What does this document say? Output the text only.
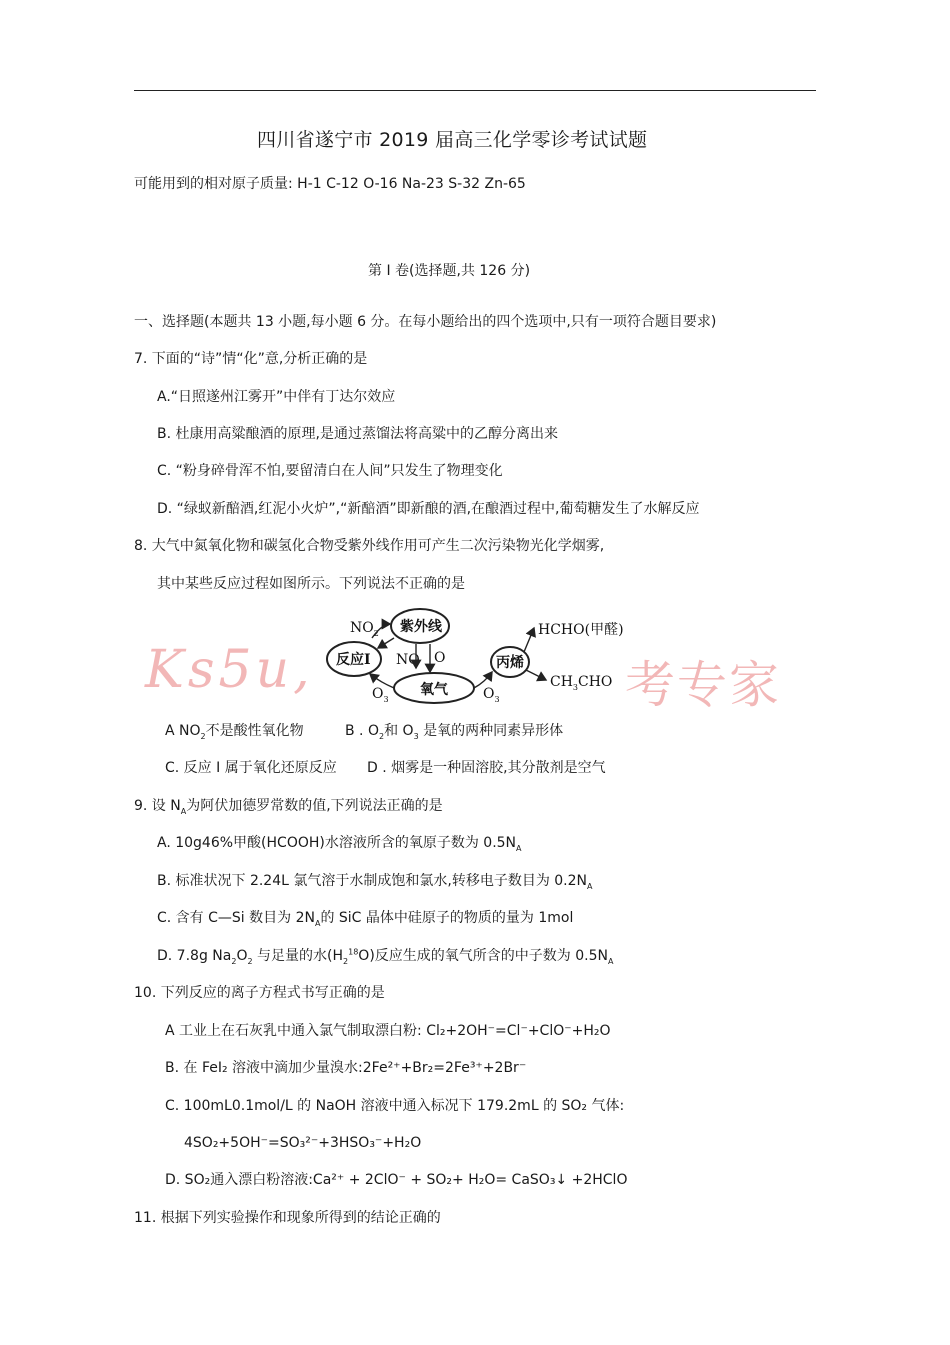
四川省遂宁市 2019 届高三化学零诊考试试题
可能用到的相对原子质量: H-1 C-12 O-16 Na-23 S-32 Zn-65
第 I 卷(选择题,共 126 分)
一、选择题(本题共 13 小题,每小题 6 分。在每小题给出的四个选项中,只有一项符合题目要求)
7. 下面的“诗”情“化”意,分析正确的是
A.“日照遂州江雾开”中伴有丁达尔效应
B. 杜康用高粱酿酒的原理,是通过蒸馏法将高粱中的乙醇分离出来
C. “粉身碎骨浑不怕,要留清白在人间”只发生了物理变化
D. “绿蚁新醅酒,红泥小火炉”,“新醅酒”即新酿的酒,在酿酒过程中,葡萄糖发生了水解反应
8. 大气中氮氧化物和碳氢化合物受紫外线作用可产生二次污染物光化学烟雾,
其中某些反应过程如图所示。下列说法不正确的是
Ks5u,	考专家
$NO_2$ 紫外线
反应I NO O
氧气
$O_3$	$O_3$
丙烯
HCHO(甲醛)
$CH_3CHO$
A $NO_2$不是酸性氧化物	B . $O_2$和 $O_3$ 是氧的两种同素异形体
C. 反应 I 属于氧化还原反应 D . 烟雾是一种固溶胶,其分散剂是空气
9. 设 $N_A$为阿伏加德罗常数的值,下列说法正确的是
A. 10g46%甲酸(HCOOH)水溶液所含的氧原子数为 $0.5N_A$
B. 标准状况下 2.24L 氯气溶于水制成饱和氯水,转移电子数目为 $0.2N_A$
C. 含有 C—Si 数目为 $2N_A$的 SiC 晶体中硅原子的物质的量为 1mol
D. 7.8g $Na_2O_2$ 与足量的水$(H_2^{18}O)$反应生成的氧气所含的中子数为 $0.5N_A$
10. 下列反应的离子方程式书写正确的是
A 工业上在石灰乳中通入氯气制取漂白粉: Cl₂+2OH⁻=Cl⁻+ClO⁻+H₂O
B. 在 FeI₂ 溶液中滴加少量溴水:2Fe²⁺+Br₂=2Fe³⁺+2Br⁻
C. 100mL0.1mol/L 的 NaOH 溶液中通入标况下 179.2mL 的 SO₂ 气体:
4SO₂+5OH⁻=SO₃²⁻+3HSO₃⁻+H₂O
D. SO₂通入漂白粉溶液:Ca²⁺ + 2ClO⁻ + SO₂+ H₂O= CaSO₃↓ +2HClO
11. 根据下列实验操作和现象所得到的结论正确的
